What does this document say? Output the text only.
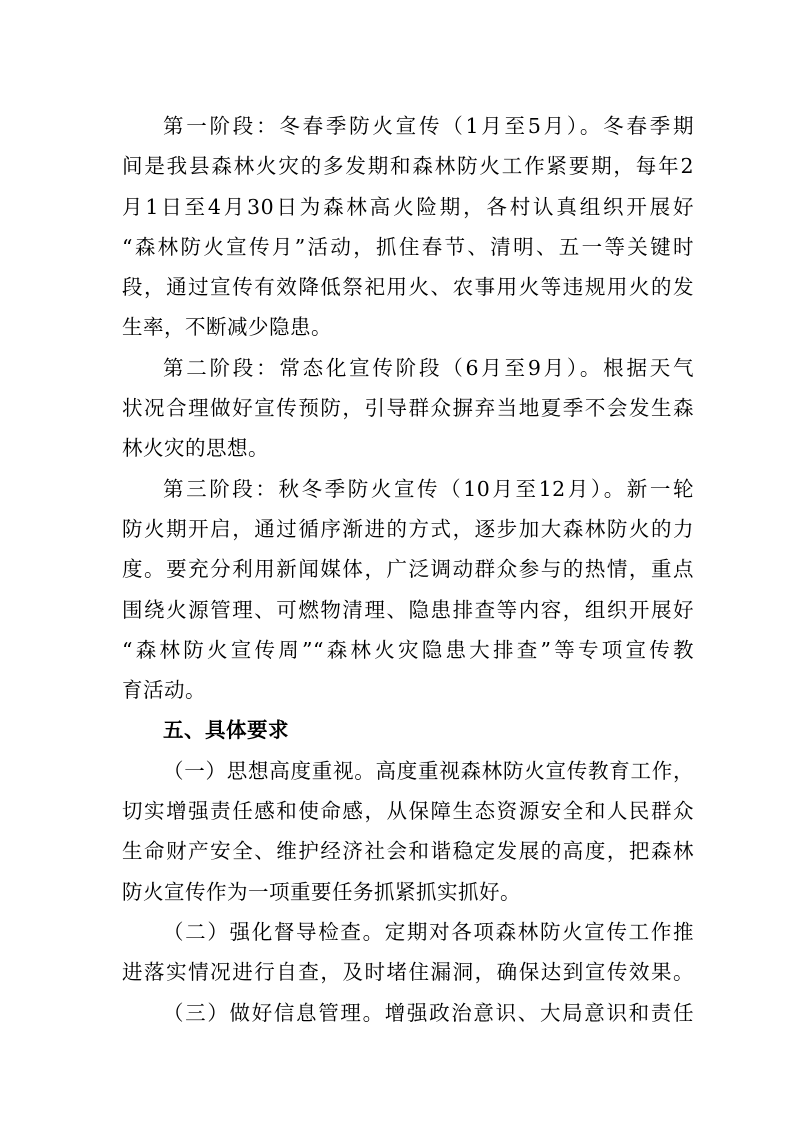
第一阶段：冬春季防火宣传（1月至5月）。冬春季期
间是我县森林火灾的多发期和森林防火工作紧要期，每年2
月1日至4月30日为森林高火险期，各村认真组织开展好
“森林防火宣传月”活动，抓住春节、清明、五一等关键时
段，通过宣传有效降低祭祀用火、农事用火等违规用火的发
生率，不断减少隐患。
第二阶段：常态化宣传阶段（6月至9月）。根据天气
状况合理做好宣传预防，引导群众摒弃当地夏季不会发生森
林火灾的思想。
第三阶段：秋冬季防火宣传（10月至12月）。新一轮
防火期开启，通过循序渐进的方式，逐步加大森林防火的力
度。要充分利用新闻媒体，广泛调动群众参与的热情，重点
围绕火源管理、可燃物清理、隐患排查等内容，组织开展好
“森林防火宣传周”“森林火灾隐患大排查”等专项宣传教
育活动。
五、具体要求
（一）思想高度重视。高度重视森林防火宣传教育工作，
切实增强责任感和使命感，从保障生态资源安全和人民群众
生命财产安全、维护经济社会和谐稳定发展的高度，把森林
防火宣传作为一项重要任务抓紧抓实抓好。
（二）强化督导检查。定期对各项森林防火宣传工作推
进落实情况进行自查，及时堵住漏洞，确保达到宣传效果。
（三）做好信息管理。增强政治意识、大局意识和责任
